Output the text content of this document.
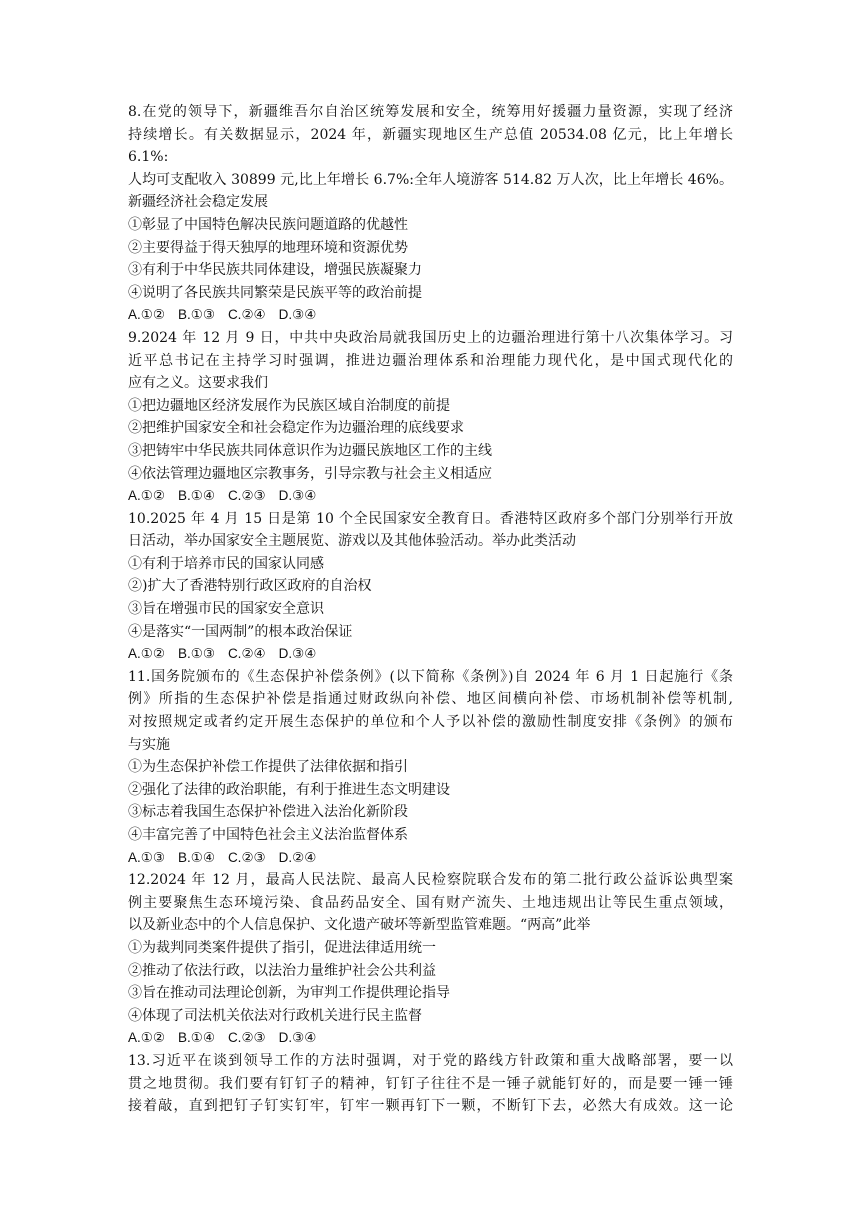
8.在党的领导下，新疆维吾尔自治区统筹发展和安全，统筹用好援疆力量资源，实现了经济
持续增长。有关数据显示，2024 年，新疆实现地区生产总值 20534.08 亿元，比上年增长 6.1%:
人均可支配收入 30899 元,比上年增长 6.7%:全年人境游客 514.82 万人次，比上年增长 46%。
新疆经济社会稳定发展
①彰显了中国特色解决民族问题道路的优越性
②主要得益于得天独厚的地理环境和资源优势
③有利于中华民族共同体建设，增强民族凝聚力
④说明了各民族共同繁荣是民族平等的政治前提
A.①② B.①③ C.②④ D.③④
9.2024 年 12 月 9 日，中共中央政治局就我国历史上的边疆治理进行第十八次集体学习。习
近平总书记在主持学习时强调，推进边疆治理体系和治理能力现代化，是中国式现代化的
应有之义。这要求我们
①把边疆地区经济发展作为民族区域自治制度的前提
②把维护国家安全和社会稳定作为边疆治理的底线要求
③把铸牢中华民族共同体意识作为边疆民族地区工作的主线
④依法管理边疆地区宗教事务，引导宗教与社会主义相适应
A.①② B.①④ C.②③ D.③④
10.2025 年 4 月 15 日是第 10 个全民国家安全教育日。香港特区政府多个部门分别举行开放
日活动，举办国家安全主题展览、游戏以及其他体验活动。举办此类活动
①有利于培养市民的国家认同感
②)扩大了香港特别行政区政府的自治权
③旨在增强市民的国家安全意识
④是落实“一国两制”的根本政治保证
A.①② B.①③ C.②④ D.③④
11.国务院颁布的《生态保护补偿条例》(以下简称《条例》)自 2024 年 6 月 1 日起施行《条
例》所指的生态保护补偿是指通过财政纵向补偿、地区间横向补偿、市场机制补偿等机制,
对按照规定或者约定开展生态保护的单位和个人予以补偿的激励性制度安排《条例》的颁布
与实施
①为生态保护补偿工作提供了法律依据和指引
②强化了法律的政治职能，有利于推进生态文明建设
③标志着我国生态保护补偿进入法治化新阶段
④丰富完善了中国特色社会主义法治监督体系
A.①③ B.①④ C.②③ D.②④
12.2024 年 12 月，最高人民法院、最高人民检察院联合发布的第二批行政公益诉讼典型案
例主要聚焦生态环境污染、食品药品安全、国有财产流失、土地违规出让等民生重点领域，
以及新业态中的个人信息保护、文化遗产破坏等新型监管难题。“两高”此举
①为裁判同类案件提供了指引，促进法律适用统一
②推动了依法行政，以法治力量维护社会公共利益
③旨在推动司法理论创新，为审判工作提供理论指导
④体现了司法机关依法对行政机关进行民主监督
A.①② B.①④ C.②③ D.③④
13.习近平在谈到领导工作的方法时强调，对于党的路线方针政策和重大战略部署，要一以
贯之地贯彻。我们要有钉钉子的精神，钉钉子往往不是一锤子就能钉好的，而是要一锤一锤
接着敲，直到把钉子钉实钉牢，钉牢一颗再钉下一颗，不断钉下去，必然大有成效。这一论
